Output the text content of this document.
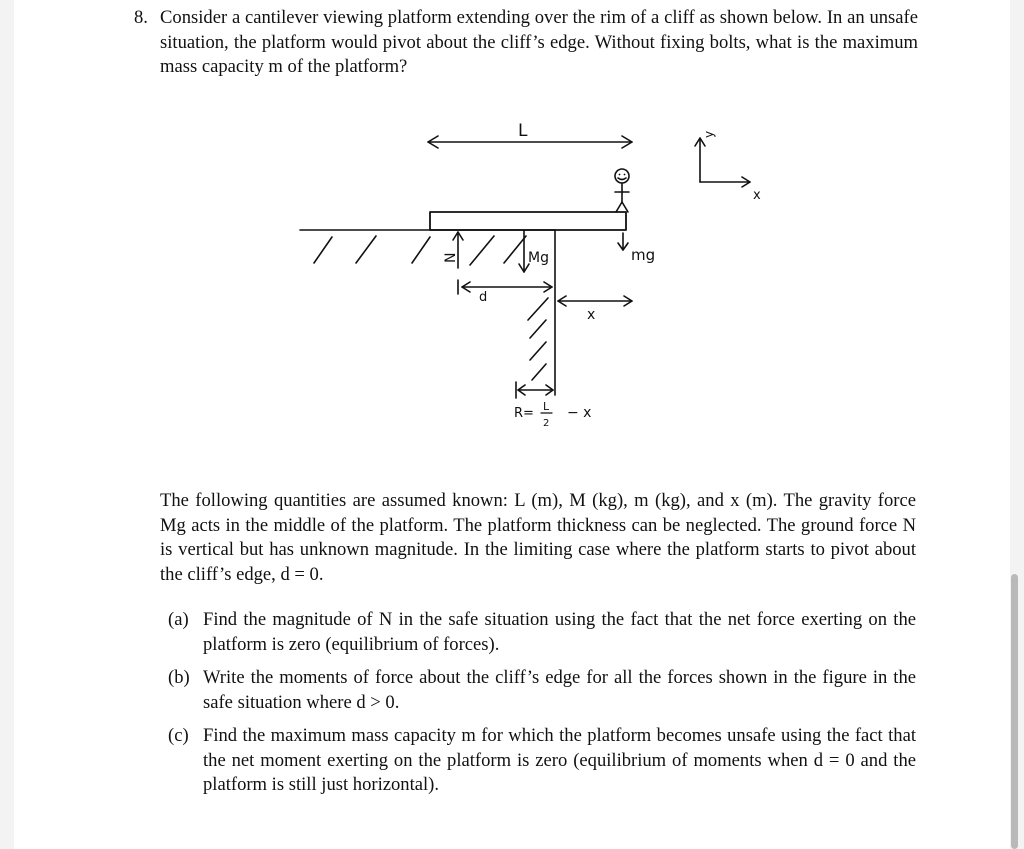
8. Consider a cantilever viewing platform extending over the rim of a cliff as shown below. In an unsafe situation, the platform would pivot about the cliff’s edge. Without fixing bolts, what is the maximum mass capacity m of the platform?
L	y
x
N	Mg	mg
d
x
R= L
2
− x
The following quantities are assumed known: L (m), M (kg), m (kg), and x (m). The gravity force Mg acts in the middle of the platform. The platform thickness can be neglected. The ground force N is vertical but has unknown magnitude. In the limiting case where the platform starts to pivot about the cliff’s edge, d = 0.
(a) Find the magnitude of N in the safe situation using the fact that the net force exerting on the platform is zero (equilibrium of forces).
(b) Write the moments of force about the cliff’s edge for all the forces shown in the figure in the safe situation where d > 0.
(c) Find the maximum mass capacity m for which the platform becomes unsafe using the fact that the net moment exerting on the platform is zero (equilibrium of moments when d = 0 and the platform is still just horizontal).
